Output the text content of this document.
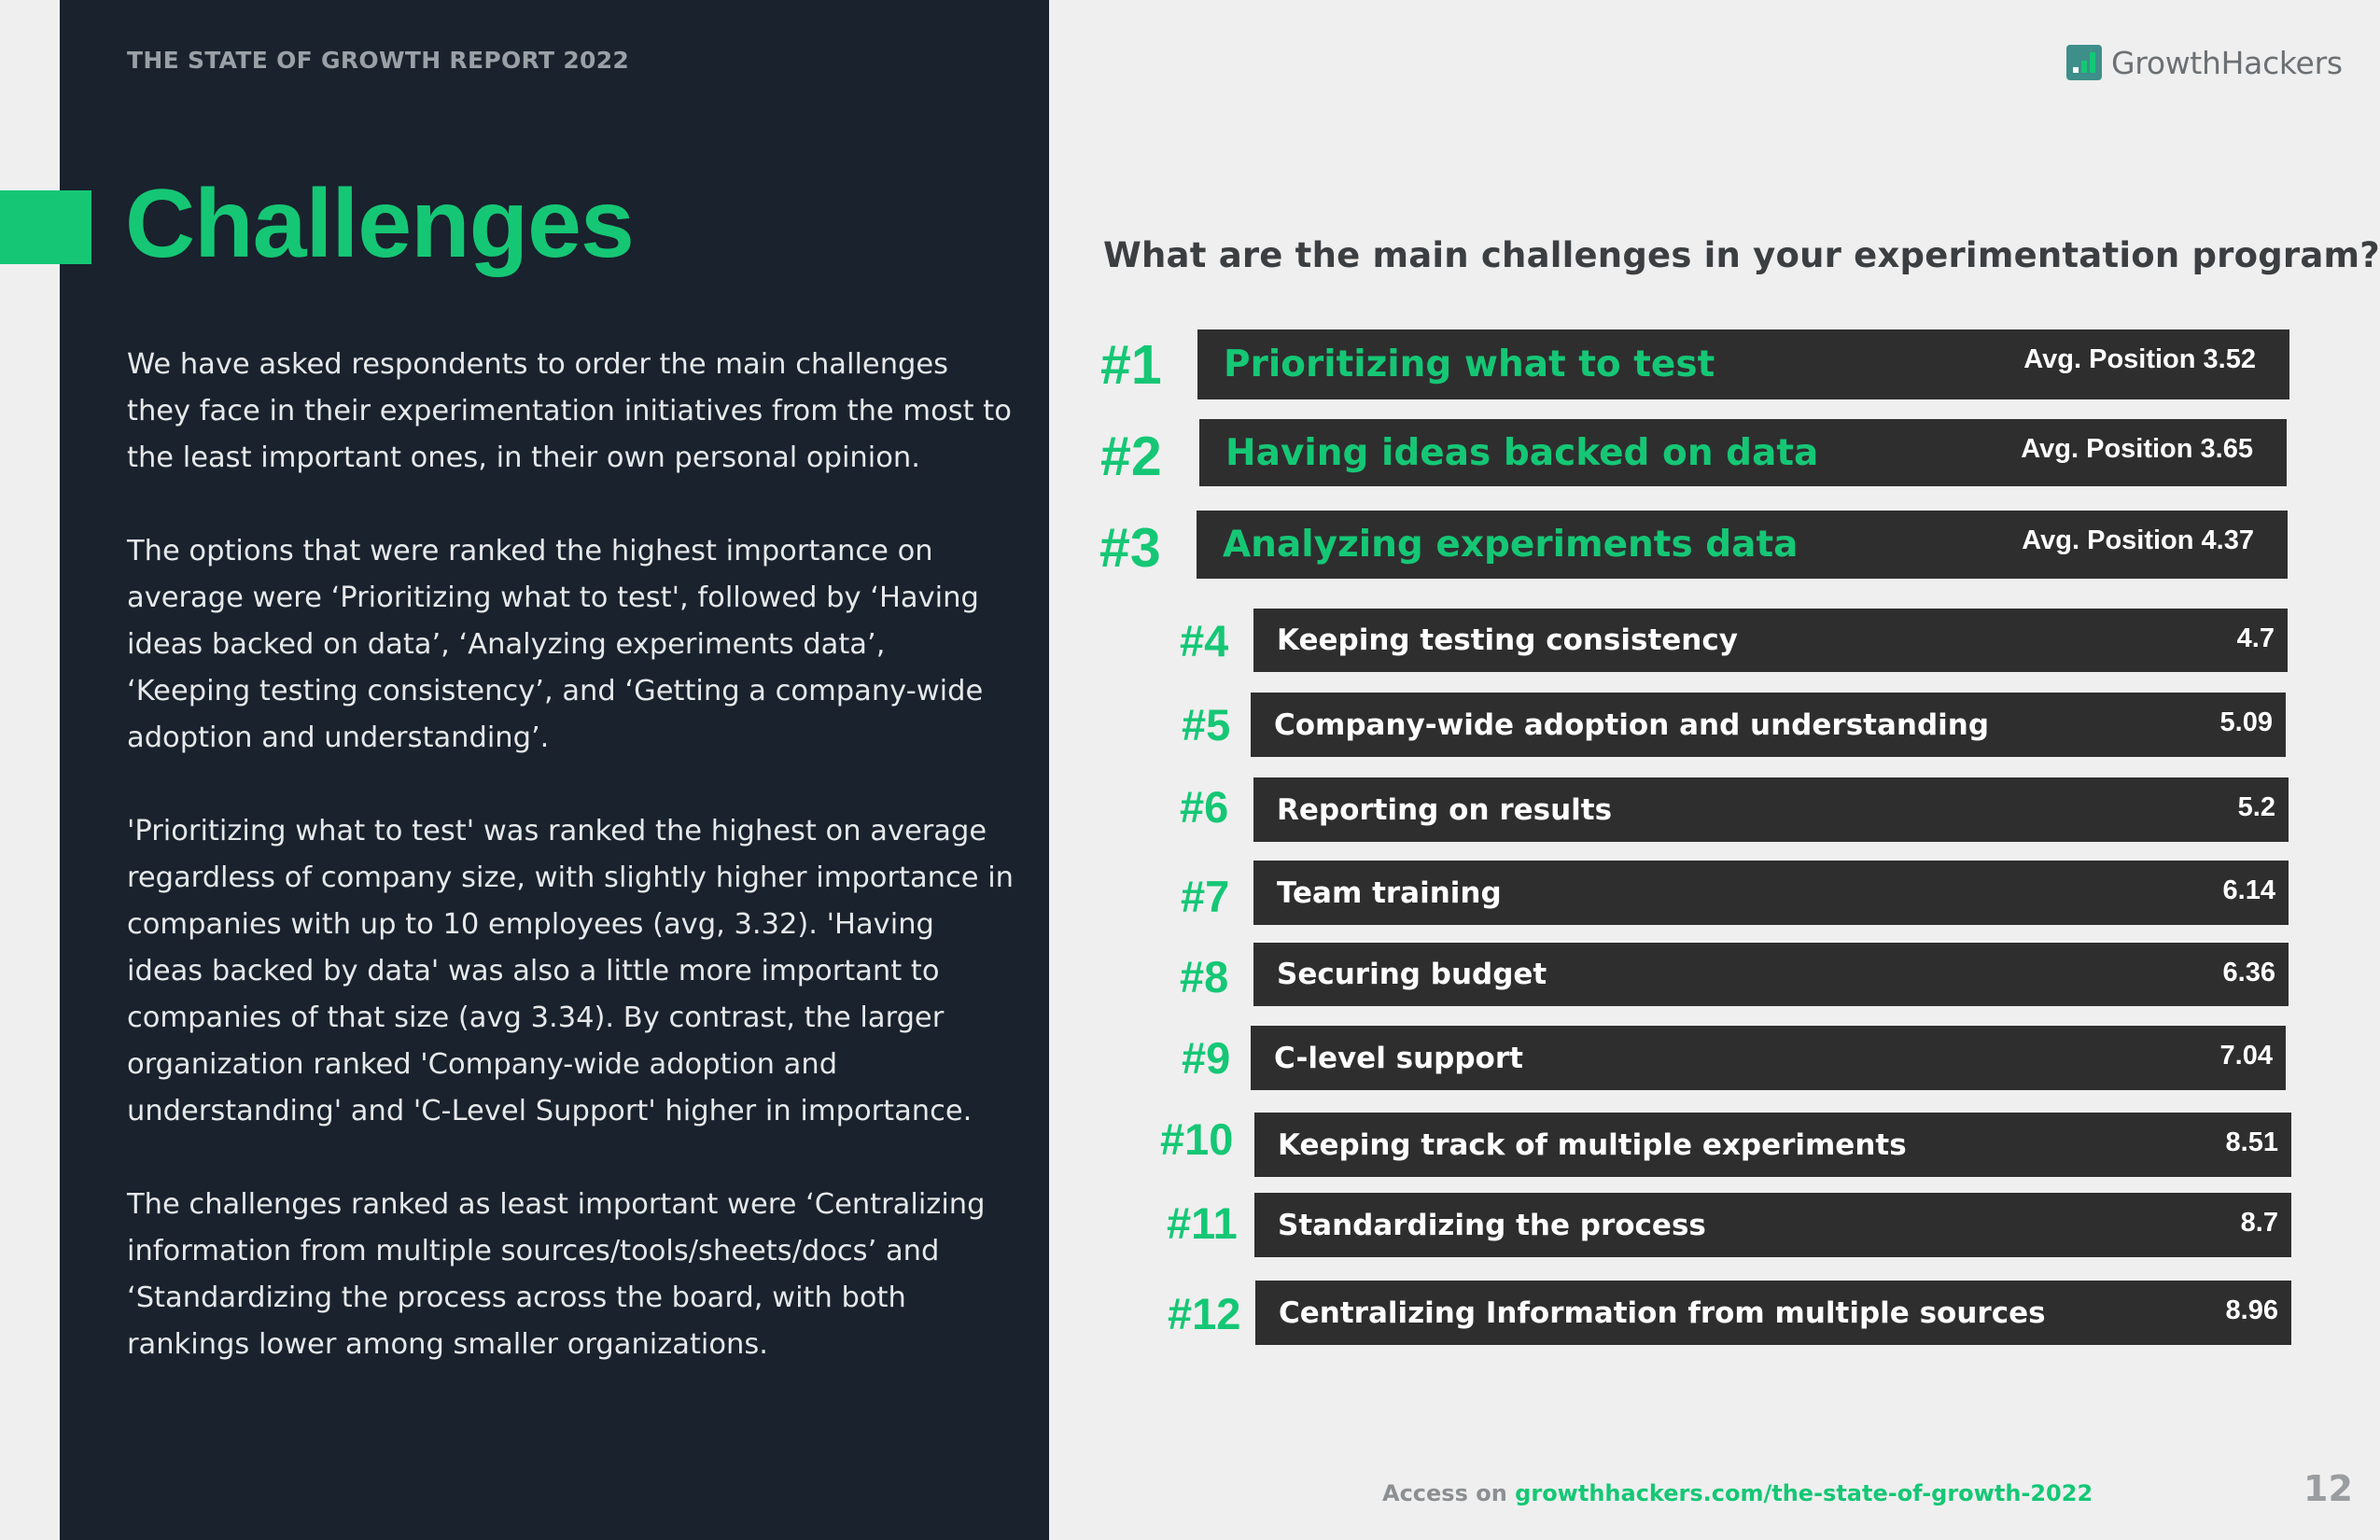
THE STATE OF GROWTH REPORT 2022
Challenges

We have asked respondents to order the main challenges they face in their experimentation initiatives from the most to the least important ones, in their own personal opinion.

The options that were ranked the highest importance on average were ‘Prioritizing what to test', followed by ‘Having ideas backed on data’, ‘Analyzing experiments data’, ‘Keeping testing consistency’, and ‘Getting a company-wide adoption and understanding’.

'Prioritizing what to test' was ranked the highest on average regardless of company size, with slightly higher importance in companies with up to 10 employees (avg, 3.32). 'Having ideas backed by data' was also a little more important to companies of that size (avg 3.34). By contrast, the larger organization ranked 'Company-wide adoption and understanding' and 'C-Level Support' higher in importance.

The challenges ranked as least important were ‘Centralizing information from multiple sources/tools/sheets/docs’ and ‘Standardizing the process across the board, with both rankings lower among smaller organizations.

GrowthHackers
What are the main challenges in your experimentation program?
#1 Prioritizing what to test	Avg. Position 3.52
#2 Having ideas backed on data	Avg. Position 3.65
#3 Analyzing experiments data	Avg. Position 4.37
#4 Keeping testing consistency	4.7
#5 Company-wide adoption and understanding	5.09
#6 Reporting on results	5.2
#7 Team training	6.14
#8 Securing budget	6.36
#9 C-level support	7.04
#10 Keeping track of multiple experiments	8.51
#11 Standardizing the process	8.7
#12 Centralizing Information from multiple sources	8.96
Access on growthhackers.com/the-state-of-growth-2022	12
